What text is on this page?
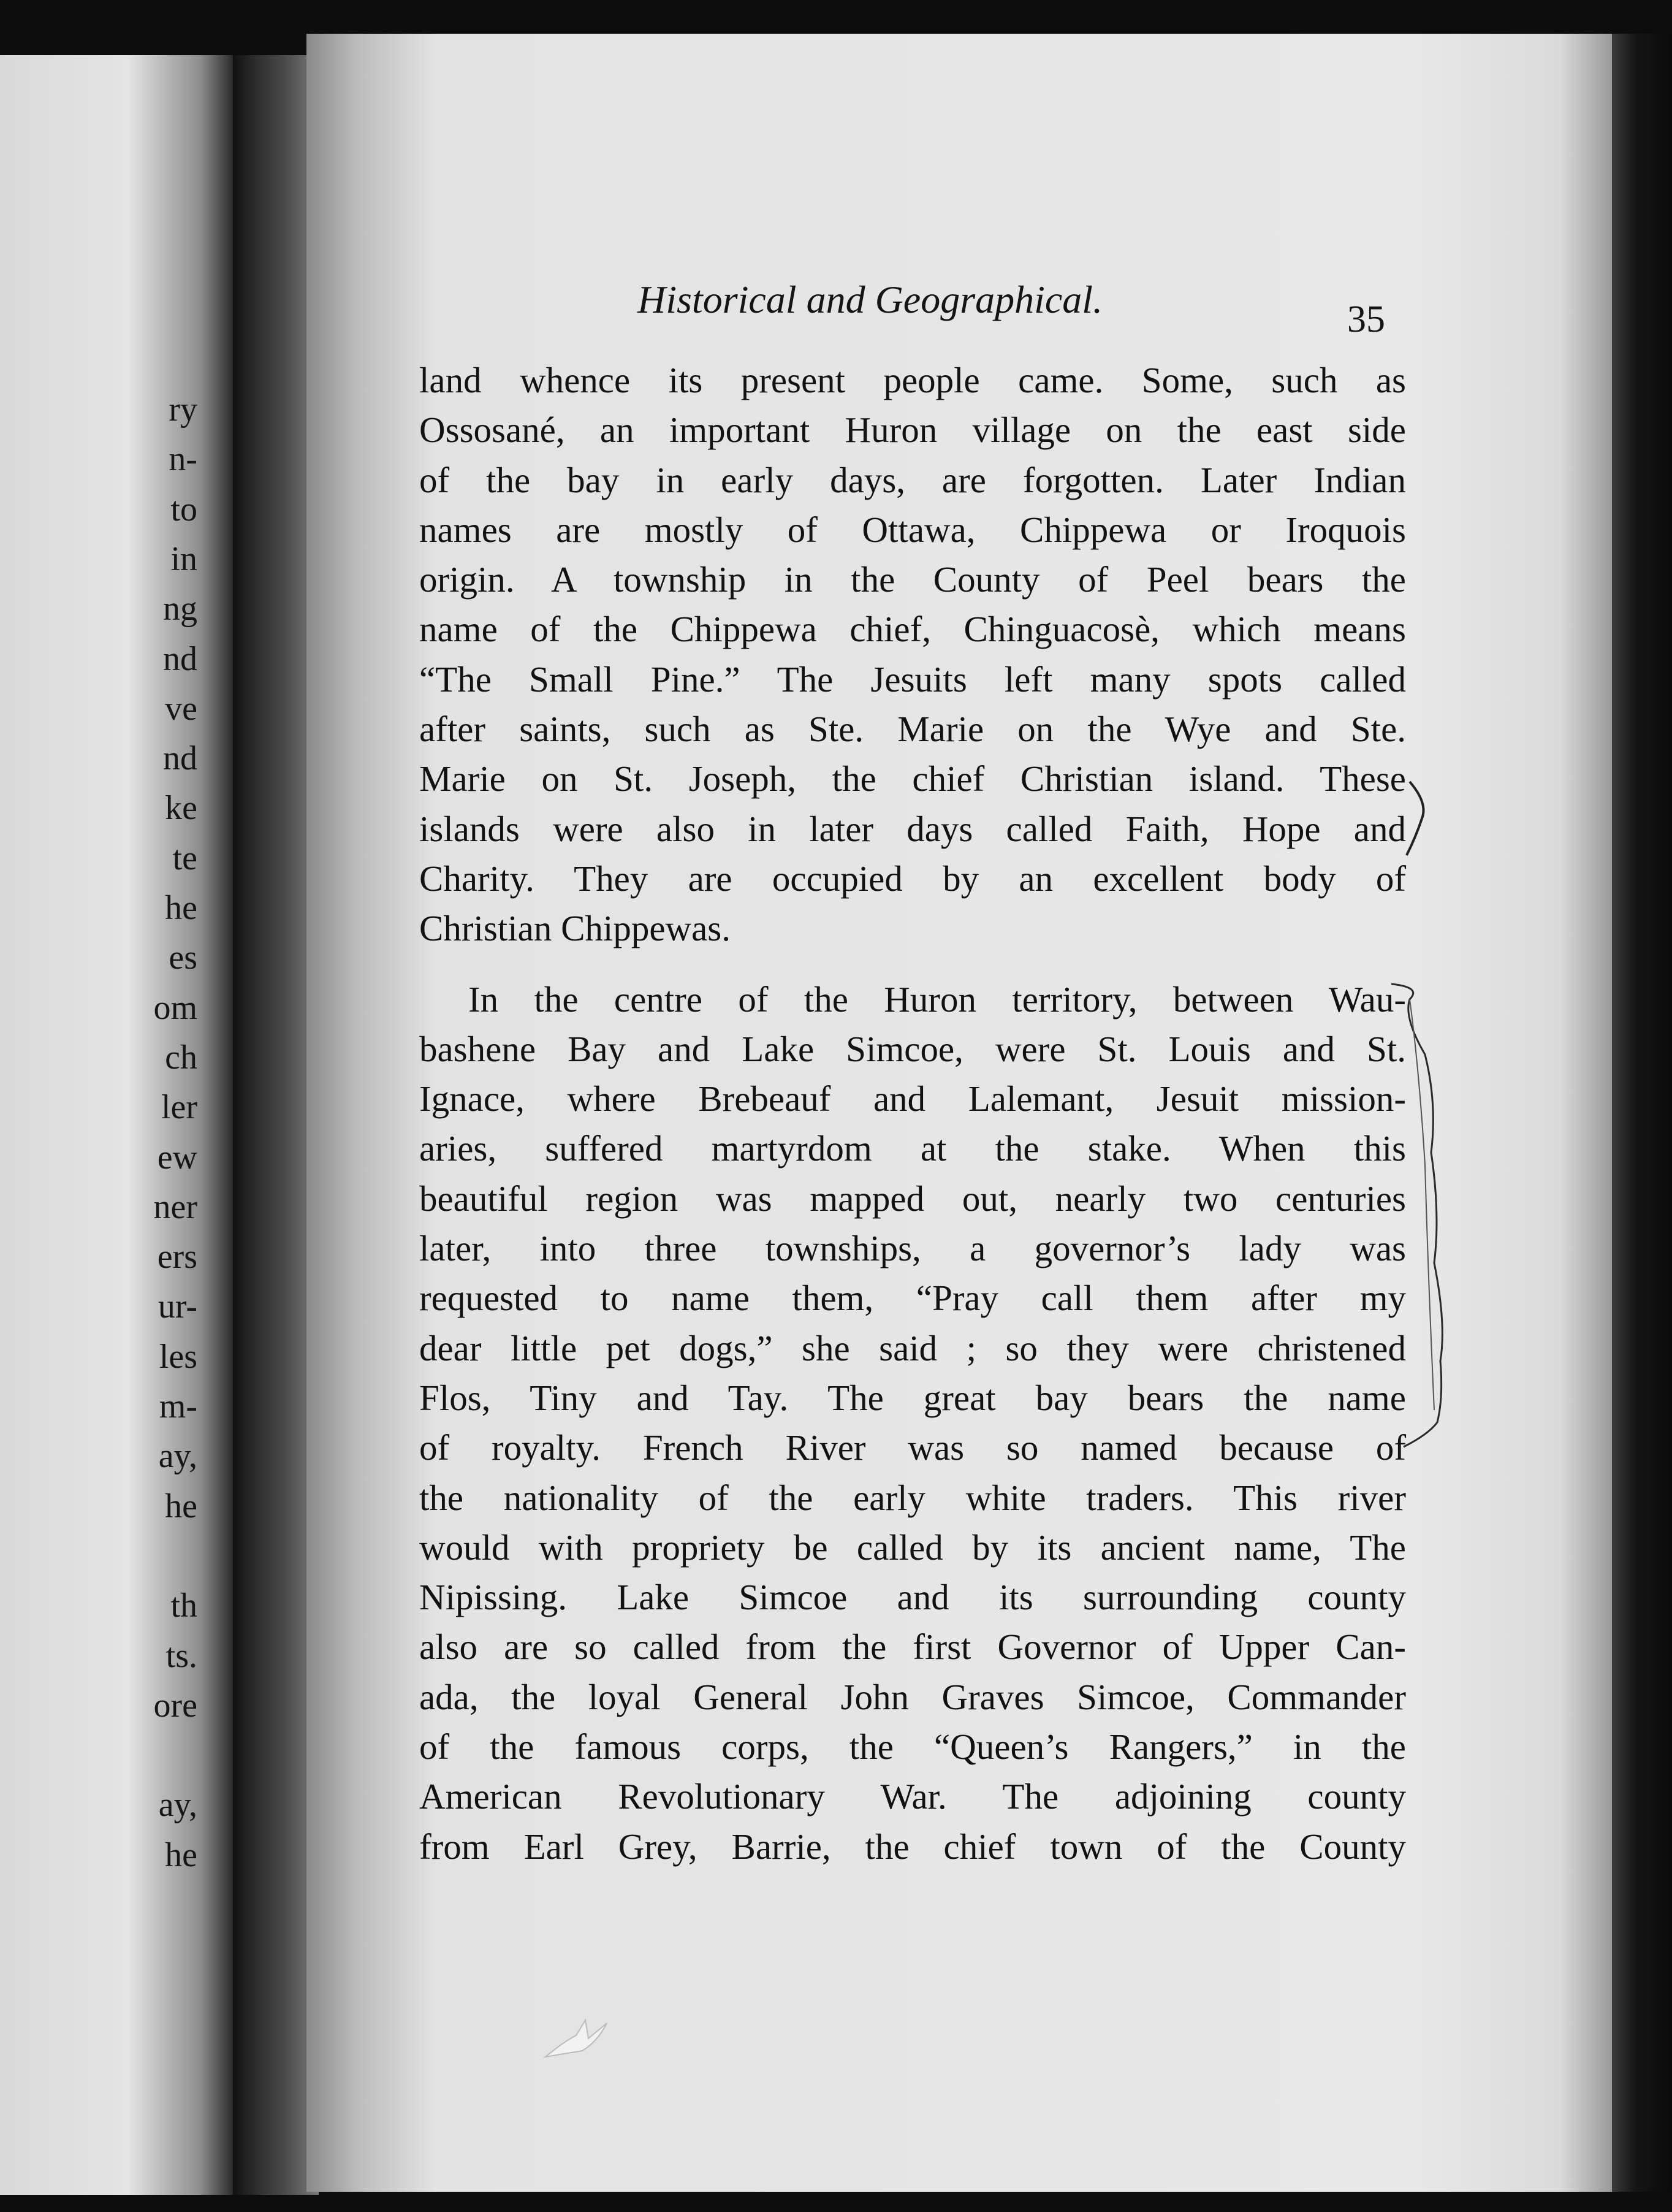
ry
n-
to
in
ng
nd
ve
nd
ke
te
he
es
om
ch
ler
ew
ner
ers
ur-
les
m-
ay,
he
th
ts.
ore
ay,
he
Historical and Geographical.	35
land whence its present people came. Some, such as
Ossosané, an important Huron village on the east side
of the bay in early days, are forgotten. Later Indian
names are mostly of Ottawa, Chippewa or Iroquois
origin. A township in the County of Peel bears the
name of the Chippewa chief, Chinguacosè, which means
“The Small Pine.” The Jesuits left many spots called
after saints, such as Ste. Marie on the Wye and Ste.
Marie on St. Joseph, the chief Christian island. These
islands were also in later days called Faith, Hope and
Charity. They are occupied by an excellent body of
Christian Chippewas.
In the centre of the Huron territory, between Wau-
bashene Bay and Lake Simcoe, were St. Louis and St.
Ignace, where Brebeauf and Lalemant, Jesuit mission-
aries, suffered martyrdom at the stake. When this
beautiful region was mapped out, nearly two centuries
later, into three townships, a governor’s lady was
requested to name them, “Pray call them after my
dear little pet dogs,” she said ; so they were christened
Flos, Tiny and Tay. The great bay bears the name
of royalty. French River was so named because of
the nationality of the early white traders. This river
would with propriety be called by its ancient name, The
Nipissing. Lake Simcoe and its surrounding county
also are so called from the first Governor of Upper Can-
ada, the loyal General John Graves Simcoe, Commander
of the famous corps, the “Queen’s Rangers,” in the
American Revolutionary War. The adjoining county
from Earl Grey, Barrie, the chief town of the County
